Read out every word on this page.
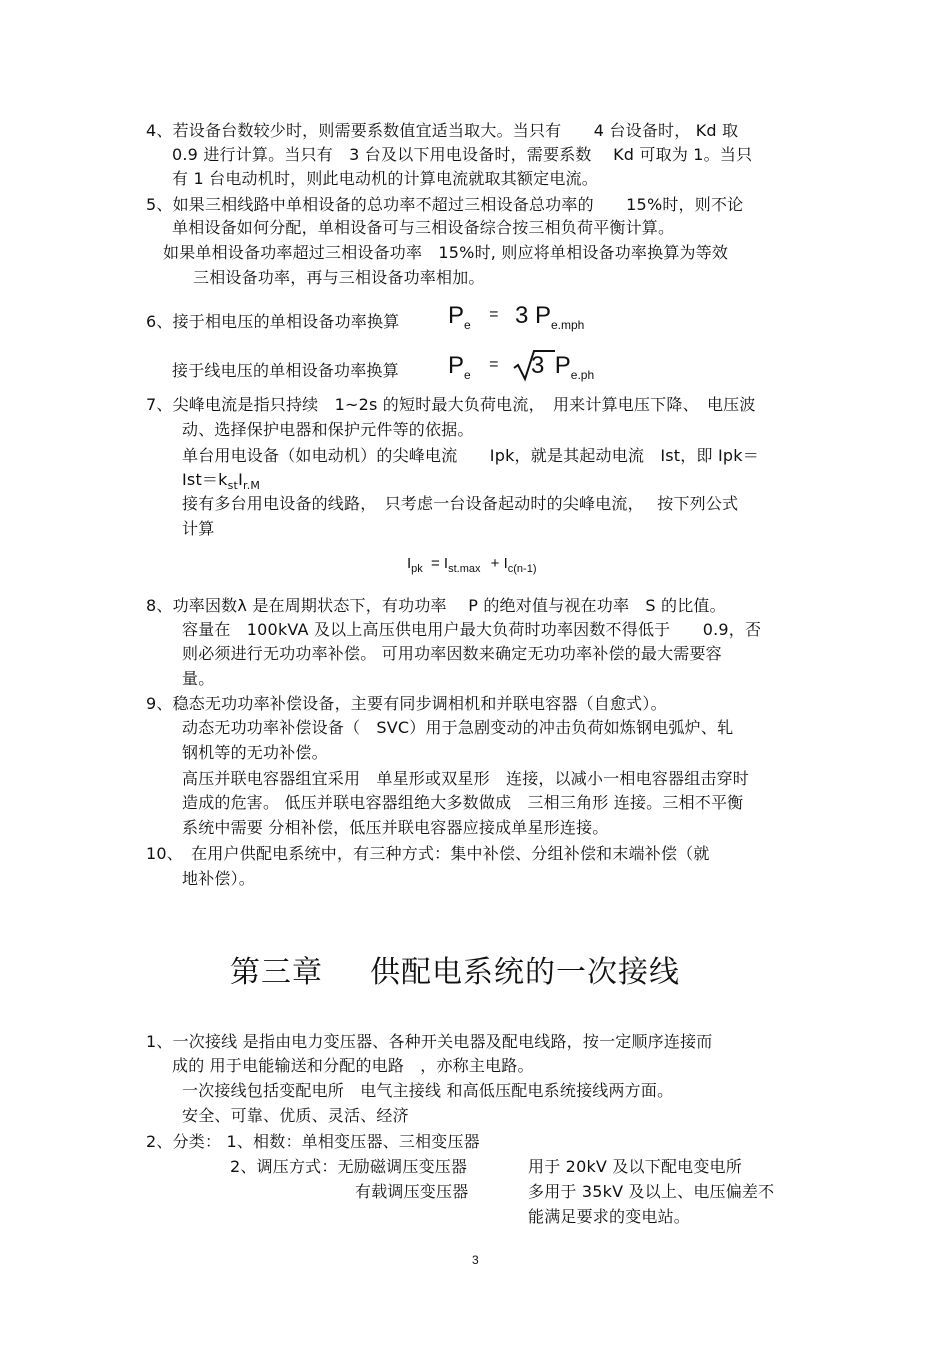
4、若设备台数较少时，则需要系数值宜适当取大。当只有　　4 台设备时， Kd 取
0.9 进行计算。当只有　3 台及以下用电设备时，需要系数　 Kd 可取为 1。当只
有 1 台电动机时，则此电动机的计算电流就取其额定电流。
5、如果三相线路中单相设备的总功率不超过三相设备总功率的　　15%时，则不论
单相设备如何分配，单相设备可与三相设备综合按三相负荷平衡计算。
如果单相设备功率超过三相设备功率　15%时, 则应将单相设备功率换算为等效
三相设备功率，再与三相设备功率相加。
6、接于相电压的单相设备功率换算 $P_e = 3$ $P_{e.mph}$
接于线电压的单相设备功率换算 $P_e = 3$ $P_{e.ph}$
7、尖峰电流是指只持续　1~2s 的短时最大负荷电流，　用来计算电压下降、　电压波
动、选择保护电器和保护元件等的依据。
单台用电设备（如电动机）的尖峰电流　　Ipk，就是其起动电流　Ist，即 Ipk＝
$Ist=k_{st}I_{r.M}$
接有多台用电设备的线路，　只考虑一台设备起动时的尖峰电流，　 按下列公式
计算
$I_{pk} = I_{st.max} + I_{c(n-1)}$
8、功率因数λ 是在周期状态下，有功功率　 P 的绝对值与视在功率　S 的比值。
容量在　100kVA 及以上高压供电用户最大负荷时功率因数不得低于　　0.9，否
则必须进行无功功率补偿。 可用功率因数来确定无功功率补偿的最大需要容
量。
9、稳态无功功率补偿设备，主要有同步调相机和并联电容器（自愈式）。
动态无功功率补偿设备（　SVC）用于急剧变动的冲击负荷如炼钢电弧炉、轧
钢机等的无功补偿。
高压并联电容器组宜采用　单星形或双星形　连接，以减小一相电容器组击穿时
造成的危害。 低压并联电容器组绝大多数做成　三相三角形 连接。三相不平衡
系统中需要 分相补偿，低压并联电容器应接成单星形连接。
10、　在用户供配电系统中，有三种方式：集中补偿、分组补偿和末端补偿（就
地补偿）。
第三章 供配电系统的一次接线
1、一次接线 是指由电力变压器、各种开关电器及配电线路，按一定顺序连接而
成的 用于电能输送和分配的电路　，亦称主电路。
一次接线包括变配电所　电气主接线 和高低压配电系统接线两方面。
安全、可靠、优质、灵活、经济
2、分类： 1、相数：单相变压器、三相变压器
2、调压方式：无励磁调压变压器	用于 20kV 及以下配电变电所
有载调压变压器	多用于 35kV 及以上、电压偏差不
能满足要求的变电站。
3
